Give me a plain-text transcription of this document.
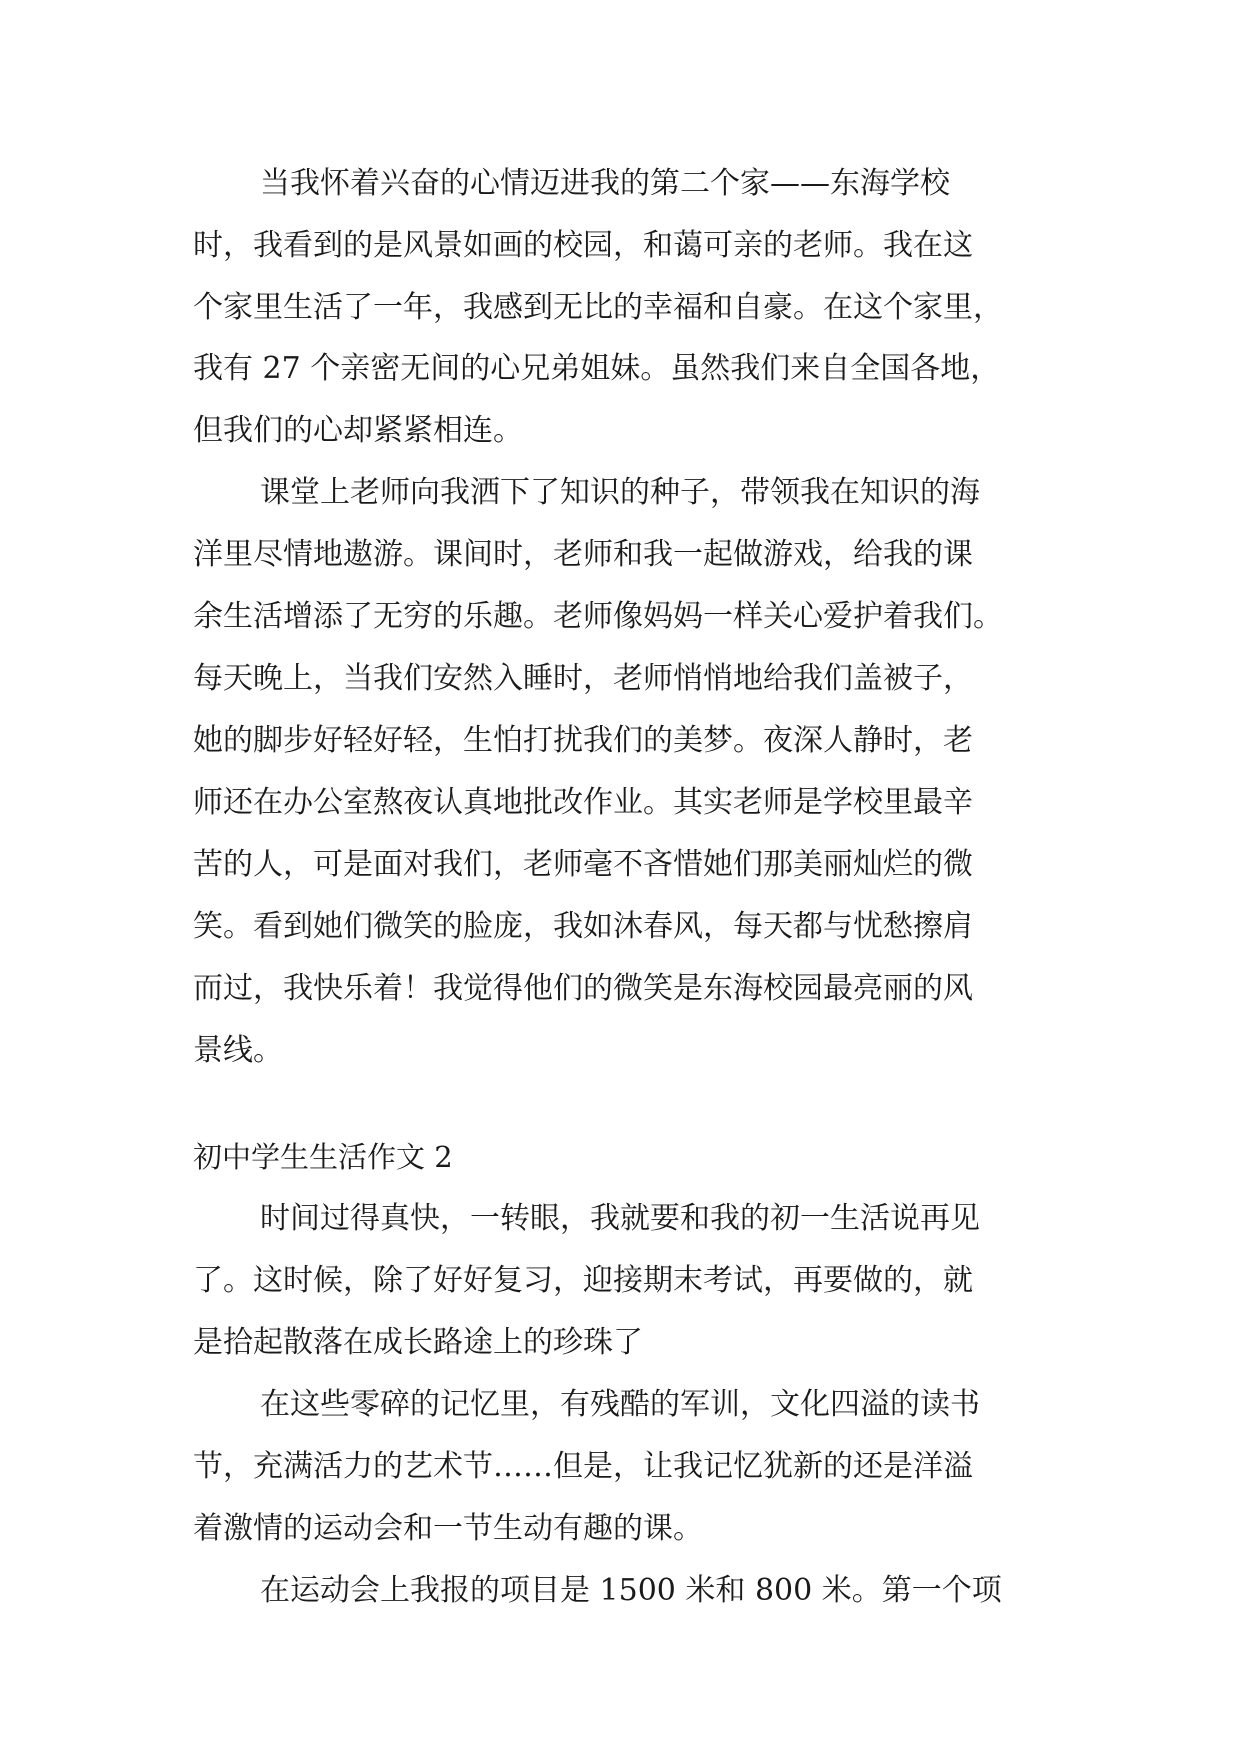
当我怀着兴奋的心情迈进我的第二个家——东海学校
时，我看到的是风景如画的校园，和蔼可亲的老师。我在这
个家里生活了一年，我感到无比的幸福和自豪。在这个家里，
我有 27 个亲密无间的心兄弟姐妹。虽然我们来自全国各地，
但我们的心却紧紧相连。
课堂上老师向我洒下了知识的种子，带领我在知识的海
洋里尽情地遨游。课间时，老师和我一起做游戏，给我的课
余生活增添了无穷的乐趣。老师像妈妈一样关心爱护着我们。
每天晚上，当我们安然入睡时，老师悄悄地给我们盖被子，
她的脚步好轻好轻，生怕打扰我们的美梦。夜深人静时，老
师还在办公室熬夜认真地批改作业。其实老师是学校里最辛
苦的人，可是面对我们，老师毫不吝惜她们那美丽灿烂的微
笑。看到她们微笑的脸庞，我如沐春风，每天都与忧愁擦肩
而过，我快乐着！我觉得他们的微笑是东海校园最亮丽的风
景线。
初中学生生活作文 2
时间过得真快，一转眼，我就要和我的初一生活说再见
了。这时候，除了好好复习，迎接期末考试，再要做的，就
是拾起散落在成长路途上的珍珠了
在这些零碎的记忆里，有残酷的军训，文化四溢的读书
节，充满活力的艺术节……但是，让我记忆犹新的还是洋溢
着激情的运动会和一节生动有趣的课。
在运动会上我报的项目是 1500 米和 800 米。第一个项
